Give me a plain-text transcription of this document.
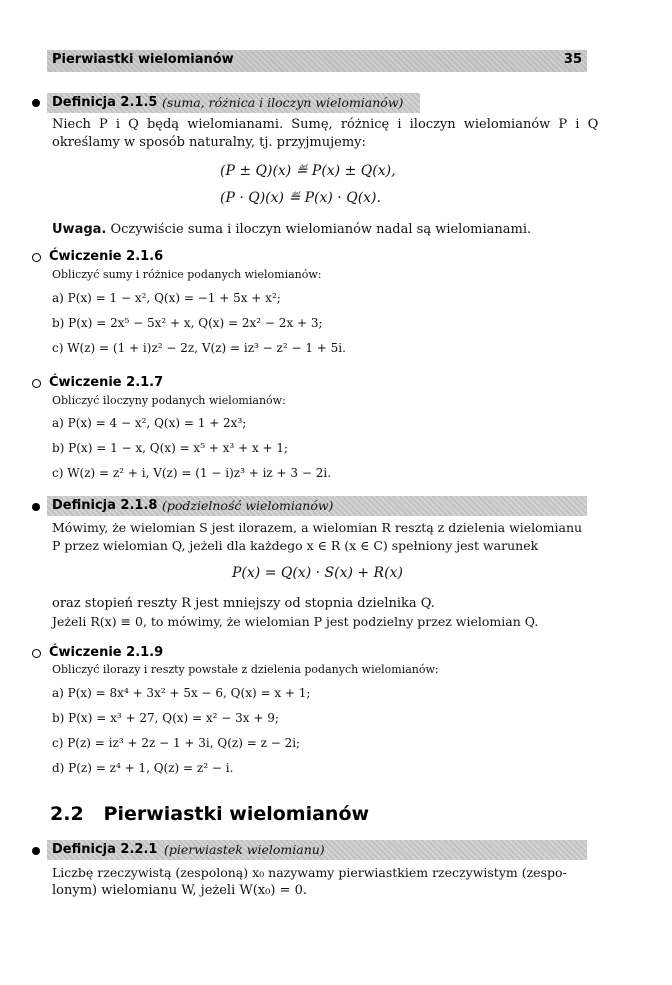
Pierwiastki wielomianów	35
Definicja 2.1.5 (suma, różnica i iloczyn wielomianów)
Niech P i Q będą wielomianami. Sumę, różnicę i iloczyn wielomianów P i Q
określamy w sposób naturalny, tj. przyjmujemy:
(P ± Q)(x) ≝ P(x) ± Q(x),
(P · Q)(x) ≝ P(x) · Q(x).
Uwaga. Oczywiście suma i iloczyn wielomianów nadal są wielomianami.
Ćwiczenie 2.1.6
Obliczyć sumy i różnice podanych wielomianów:
a) P(x) = 1 − x², Q(x) = −1 + 5x + x²;
b) P(x) = 2x⁵ − 5x² + x, Q(x) = 2x² − 2x + 3;
c) W(z) = (1 + i)z² − 2z, V(z) = iz³ − z² − 1 + 5i.
Ćwiczenie 2.1.7
Obliczyć iloczyny podanych wielomianów:
a) P(x) = 4 − x², Q(x) = 1 + 2x³;
b) P(x) = 1 − x, Q(x) = x⁵ + x³ + x + 1;
c) W(z) = z² + i, V(z) = (1 − i)z³ + iz + 3 − 2i.
Definicja 2.1.8 (podzielność wielomianów)
Mówimy, że wielomian S jest ilorazem, a wielomian R resztą z dzielenia wielomianu
P przez wielomian Q, jeżeli dla każdego x ∈ R (x ∈ C) spełniony jest warunek
P(x) = Q(x) · S(x) + R(x)
oraz stopień reszty R jest mniejszy od stopnia dzielnika Q.
Jeżeli R(x) ≡ 0, to mówimy, że wielomian P jest podzielny przez wielomian Q.
Ćwiczenie 2.1.9
Obliczyć ilorazy i reszty powstałe z dzielenia podanych wielomianów:
a) P(x) = 8x⁴ + 3x² + 5x − 6, Q(x) = x + 1;
b) P(x) = x³ + 27, Q(x) = x² − 3x + 9;
c) P(z) = iz³ + 2z − 1 + 3i, Q(z) = z − 2i;
d) P(z) = z⁴ + 1, Q(z) = z² − i.
2.2 Pierwiastki wielomianów
Definicja 2.2.1 (pierwiastek wielomianu)
Liczbę rzeczywistą (zespoloną) x₀ nazywamy pierwiastkiem rzeczywistym (zespo-
lonym) wielomianu W, jeżeli W(x₀) = 0.
